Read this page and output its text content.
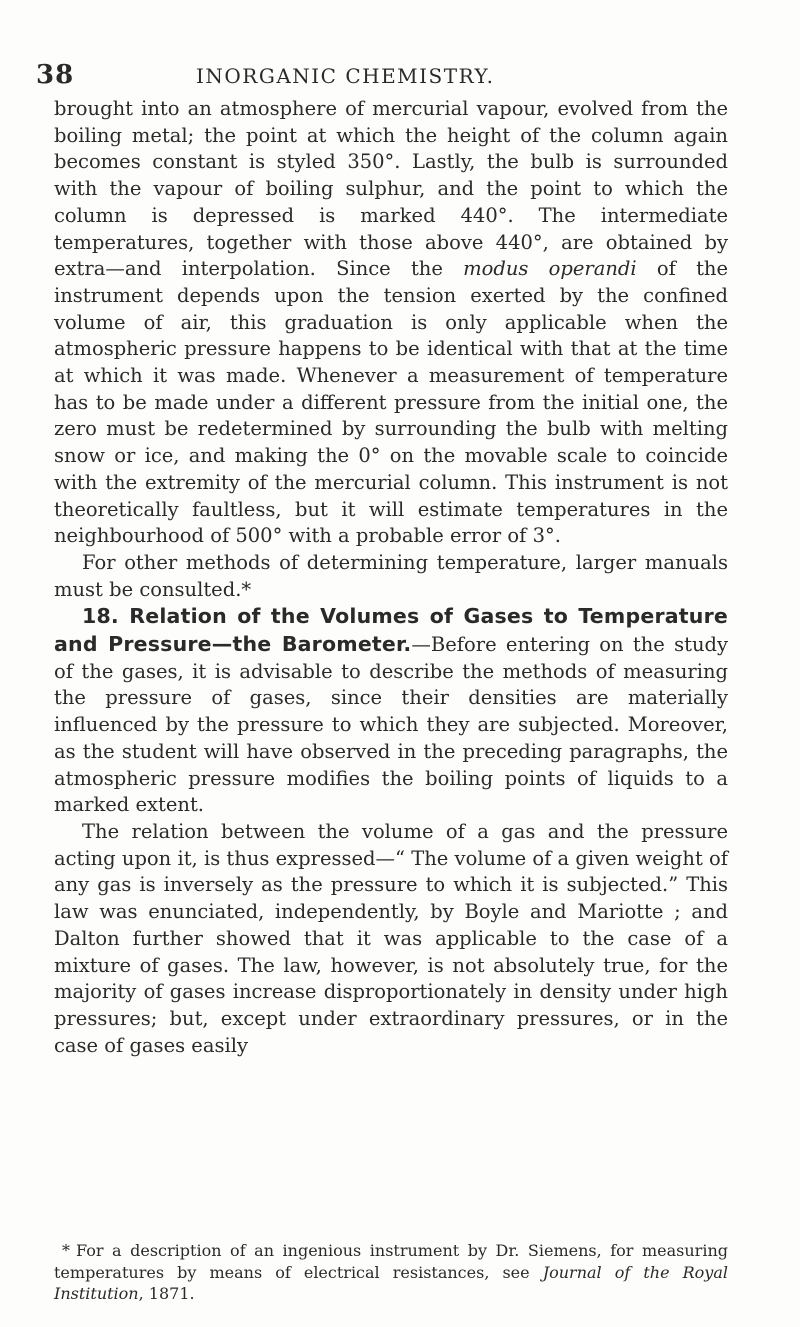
38	INORGANIC CHEMISTRY.

brought into an atmosphere of mercurial vapour, evolved from the boiling metal; the point at which the height of the column again becomes constant is styled 350°. Lastly, the bulb is surrounded with the vapour of boiling sulphur, and the point to which the column is depressed is marked 440°. The intermediate temperatures, together with those above 440°, are obtained by extra—and interpolation. Since the modus operandi of the instrument depends upon the tension exerted by the confined volume of air, this graduation is only applicable when the atmospheric pressure happens to be identical with that at the time at which it was made. Whenever a measurement of temperature has to be made under a different pressure from the initial one, the zero must be redetermined by surrounding the bulb with melting snow or ice, and making the 0° on the movable scale to coincide with the extremity of the mercurial column. This instrument is not theoretically faultless, but it will estimate temperatures in the neighbourhood of 500° with a probable error of 3°.

For other methods of determining temperature, larger manuals must be consulted.*

18. Relation of the Volumes of Gases to Temperature and Pressure—the Barometer.—Before entering on the study of the gases, it is advisable to describe the methods of measuring the pressure of gases, since their densities are materially influenced by the pressure to which they are subjected. Moreover, as the student will have observed in the preceding paragraphs, the atmospheric pressure modifies the boiling points of liquids to a marked extent.

The relation between the volume of a gas and the pressure acting upon it, is thus expressed—“ The volume of a given weight of any gas is inversely as the pressure to which it is subjected.” This law was enunciated, independently, by Boyle and Mariotte ; and Dalton further showed that it was applicable to the case of a mixture of gases. The law, however, is not absolutely true, for the majority of gases increase disproportionately in density under high pressures; but, except under extraordinary pressures, or in the case of gases easily

* For a description of an ingenious instrument by Dr. Siemens, for measuring temperatures by means of electrical resistances, see Journal of the Royal Institution, 1871.
